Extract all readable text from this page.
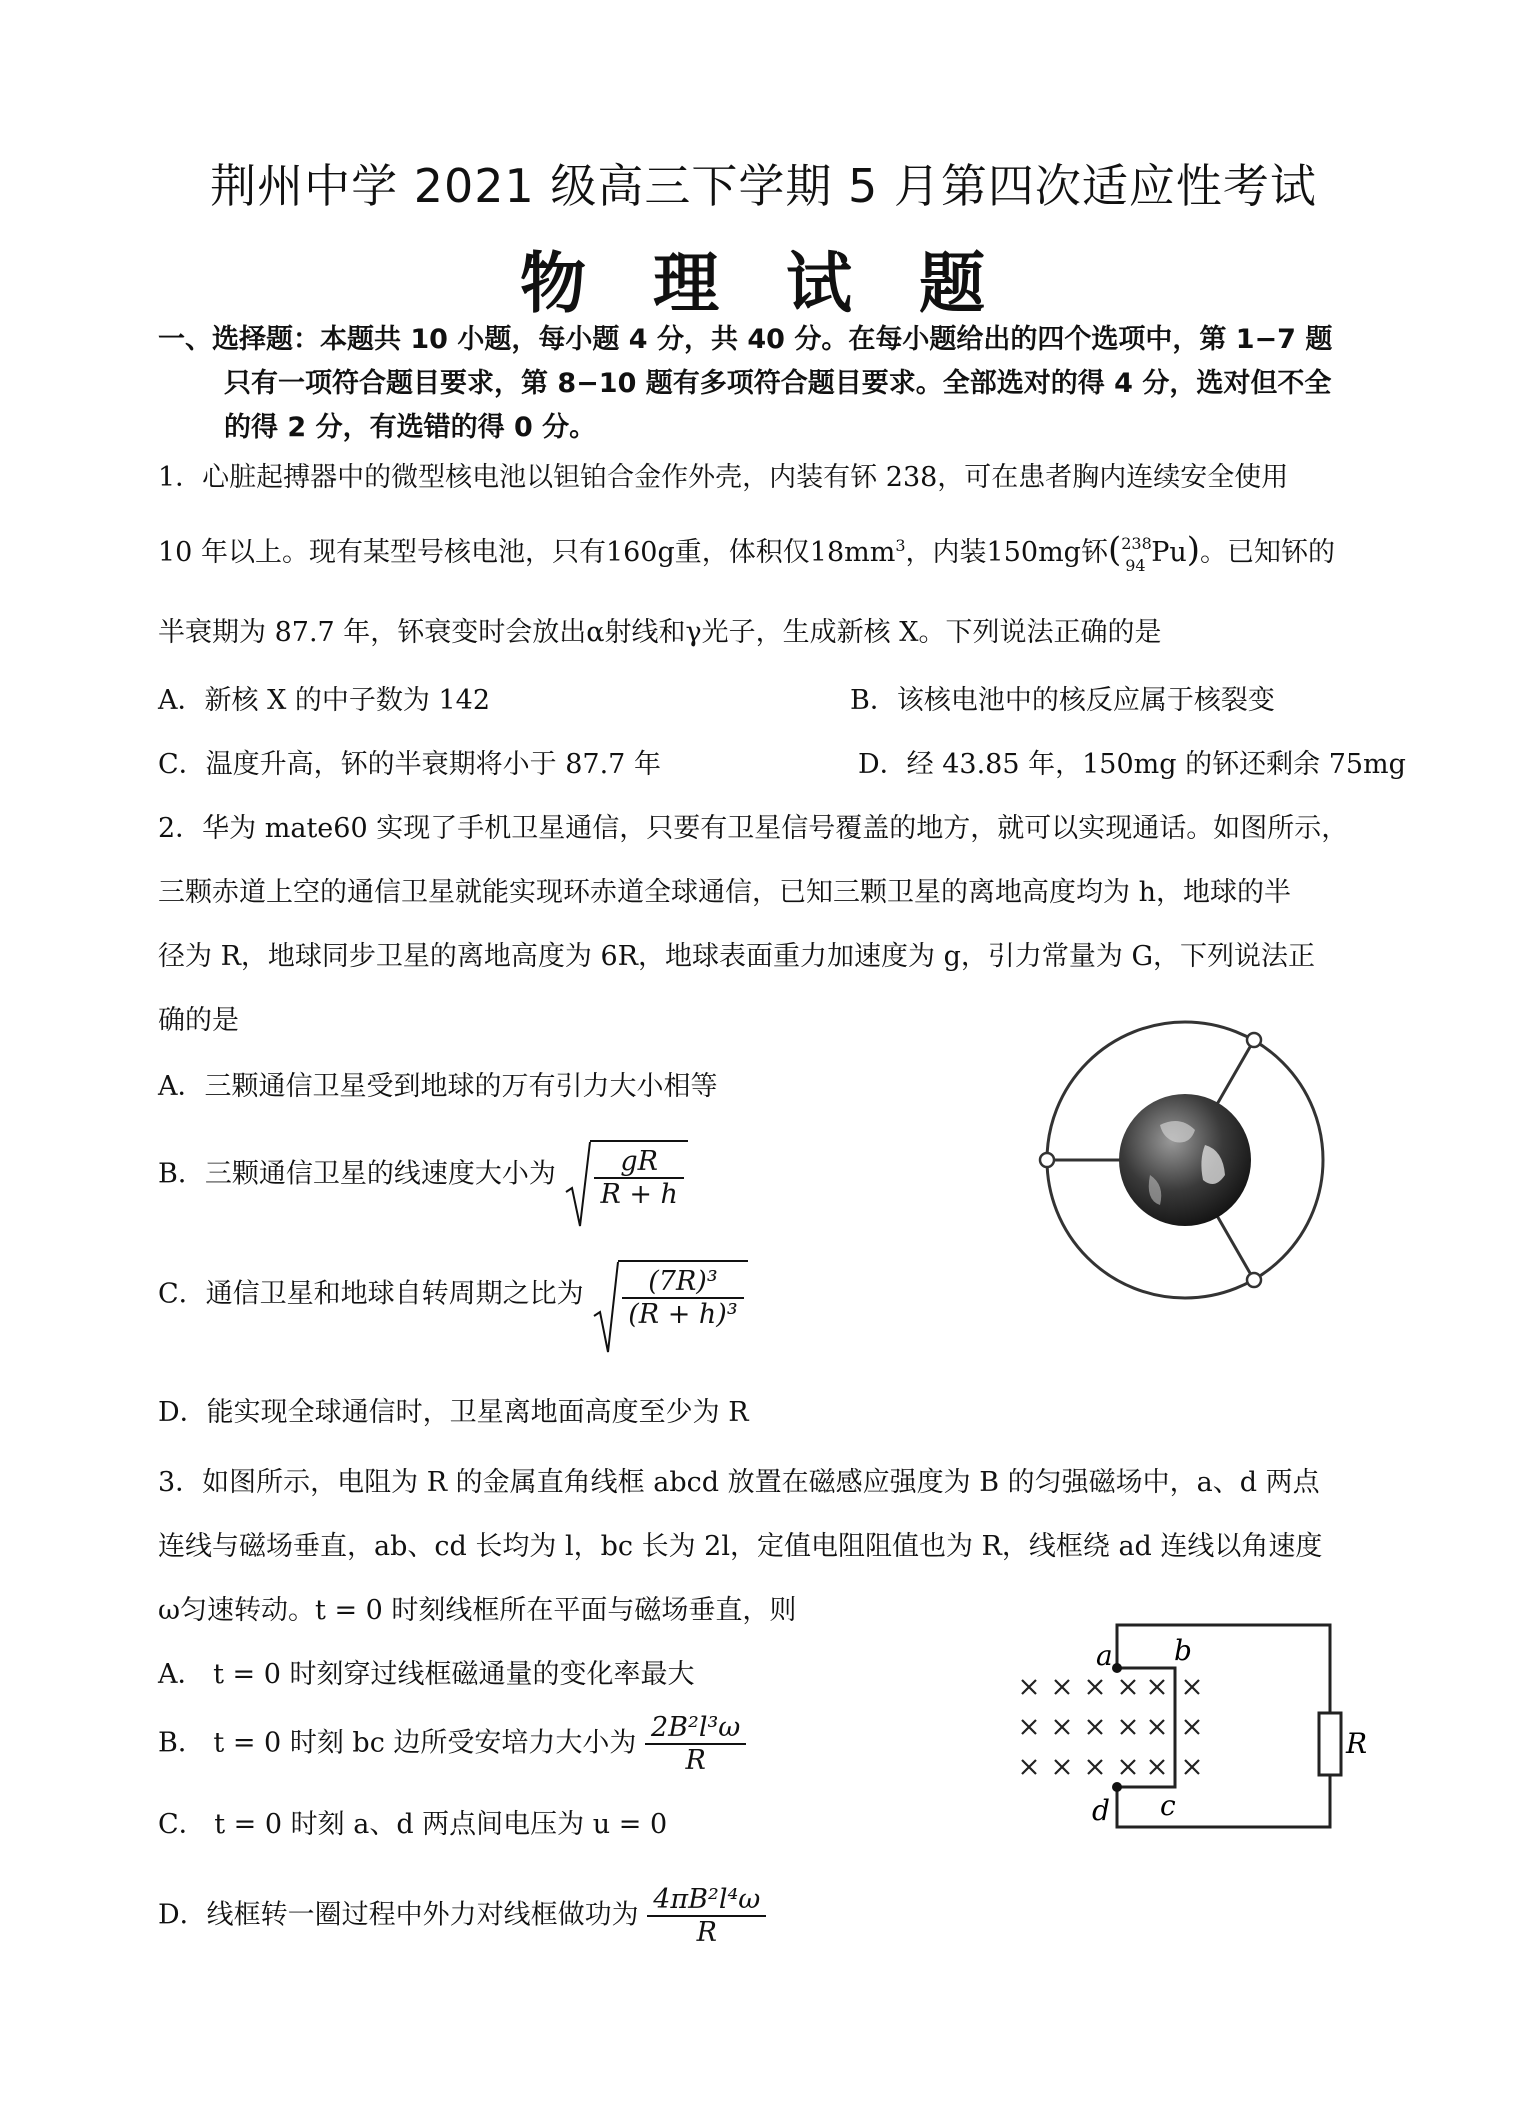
荆州中学 2021 级高三下学期 5 月第四次适应性考试
物 理 试 题
一、选择题：本题共 10 小题，每小题 4 分，共 40 分。在每小题给出的四个选项中，第 1−7 题

只有一项符合题目要求，第 8−10 题有多项符合题目要求。全部选对的得 4 分，选对但不全
的得 2 分，有选错的得 0 分。
1．心脏起搏器中的微型核电池以钽铂合金作外壳，内装有钚 238，可在患者胸内连续安全使用
10 年以上。现有某型号核电池，只有160g重，体积仅$18mm^3$，内装150mg钚( 238
94 Pu)。已知钚的
半衰期为 87.7 年，钚衰变时会放出α射线和γ光子，生成新核 X。下列说法正确的是
A．新核 X 的中子数为 142	B．该核电池中的核反应属于核裂变
C．温度升高，钚的半衰期将小于 87.7 年	D．经 43.85 年，150mg 的钚还剩余 75mg
2．华为 mate60 实现了手机卫星通信，只要有卫星信号覆盖的地方，就可以实现通话。如图所示，
三颗赤道上空的通信卫星就能实现环赤道全球通信，已知三颗卫星的离地高度均为 h，地球的半
径为 R，地球同步卫星的离地高度为 6R，地球表面重力加速度为 g，引力常量为 G，下列说法正
确的是
A．三颗通信卫星受到地球的万有引力大小相等
B．三颗通信卫星的线速度大小为 $\frac{gR}{R + h}$
C．通信卫星和地球自转周期之比为 $\frac{\text{(7R)³}}{\text{(R + h)³}}$
D．能实现全球通信时，卫星离地面高度至少为 R
3．如图所示，电阻为 R 的金属直角线框 abcd 放置在磁感应强度为 B 的匀强磁场中，a、d 两点
连线与磁场垂直，ab、cd 长均为 l，bc 长为 2l，定值电阻阻值也为 R，线框绕 ad 连线以角速度
ω匀速转动。t = 0 时刻线框所在平面与磁场垂直，则
A． t = 0 时刻穿过线框磁通量的变化率最大
B． t = 0 时刻 bc 边所受安培力大小为 $\frac{\text{2B²l³ω}}{R}$
C． t = 0 时刻 a、d 两点间电压为 u = 0
D．线框转一圈过程中外力对线框做功为 $\frac{\text{4πB²l⁴ω}}{R}$
a b
c
d
R
